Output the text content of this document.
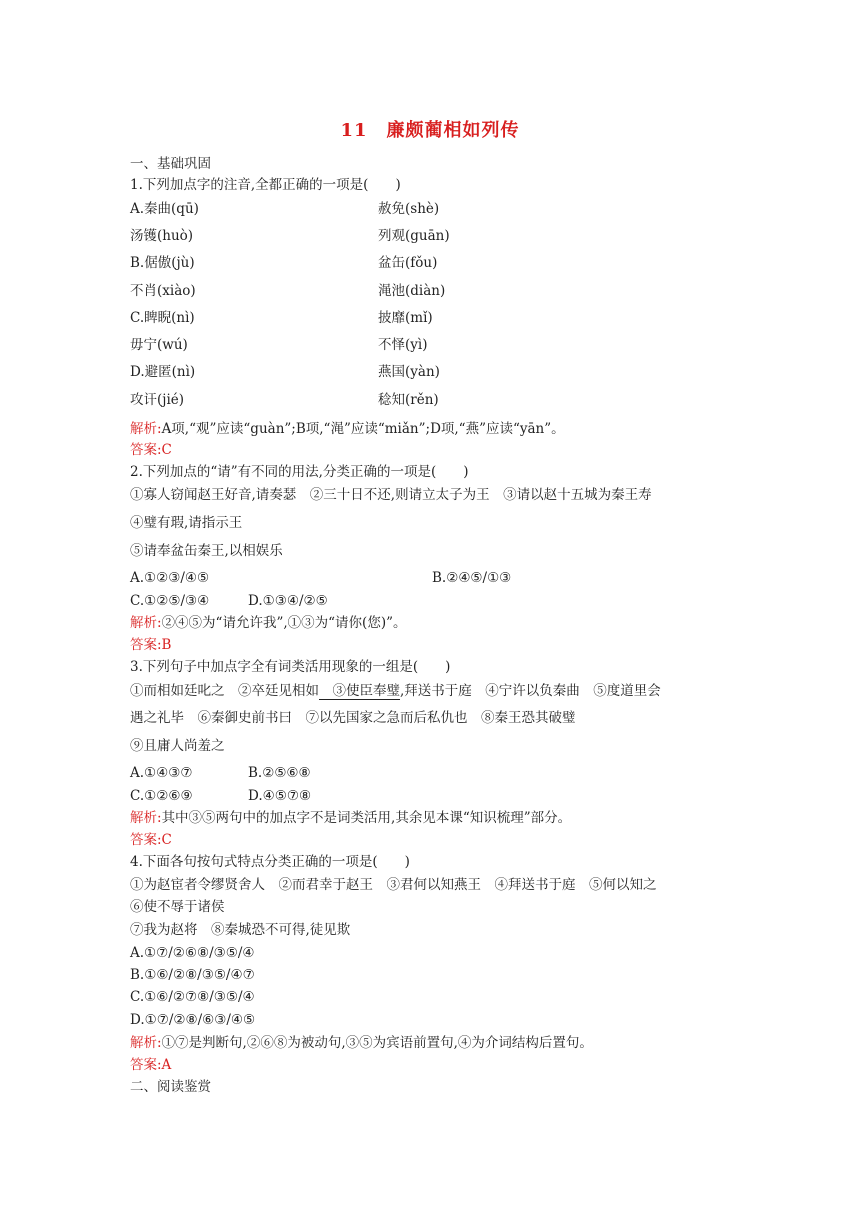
11　廉颇蔺相如列传
一、基础巩固
1.下列加点字的注音,全都正确的一项是(　　)
A.秦曲(qū)	赦免(shè)
汤镬(huò)	列观(guān)
B.倨傲(jù)	盆缶(fǒu)
不肖(xiào)	渑池(diàn)
C.睥睨(nì)	披靡(mǐ)
毋宁(wú)	不怿(yì)
D.避匿(nì)	燕国(yàn)
攻讦(jié)	稔知(rěn)
解析:A项,“观”应读“guàn”;B项,“渑”应读“miǎn”;D项,“燕”应读“yān”。
答案:C
2.下列加点的“请”有不同的用法,分类正确的一项是(　　)
①寡人窃闻赵王好音,请奏瑟　②三十日不还,则请立太子为王　③请以赵十五城为秦王寿
④璧有瑕,请指示王
⑤请奉盆缶秦王,以相娱乐
A.①②③/④⑤	B.②④⑤/①③
C.①②⑤/③④	D.①③④/②⑤
解析:②④⑤为“请允许我”,①③为“请你(您)”。
答案:B
3.下列句子中加点字全有词类活用现象的一组是(　　)
①而相如廷叱之　②卒廷见相如　③使臣奉璧,拜送书于庭　④宁许以负秦曲　⑤度道里会
遇之礼毕　⑥秦御史前书曰　⑦以先国家之急而后私仇也　⑧秦王恐其破璧
⑨且庸人尚羞之
A.①④③⑦	B.②⑤⑥⑧
C.①②⑥⑨	D.④⑤⑦⑧
解析:其中③⑤两句中的加点字不是词类活用,其余见本课“知识梳理”部分。
答案:C
4.下面各句按句式特点分类正确的一项是(　　)
①为赵宦者令缪贤舍人　②而君幸于赵王　③君何以知燕王　④拜送书于庭　⑤何以知之
⑥使不辱于诸侯
⑦我为赵将　⑧秦城恐不可得,徒见欺
A.①⑦/②⑥⑧/③⑤/④
B.①⑥/②⑧/③⑤/④⑦
C.①⑥/②⑦⑧/③⑤/④
D.①⑦/②⑧/⑥③/④⑤
解析:①⑦是判断句,②⑥⑧为被动句,③⑤为宾语前置句,④为介词结构后置句。
答案:A
二、阅读鉴赏
